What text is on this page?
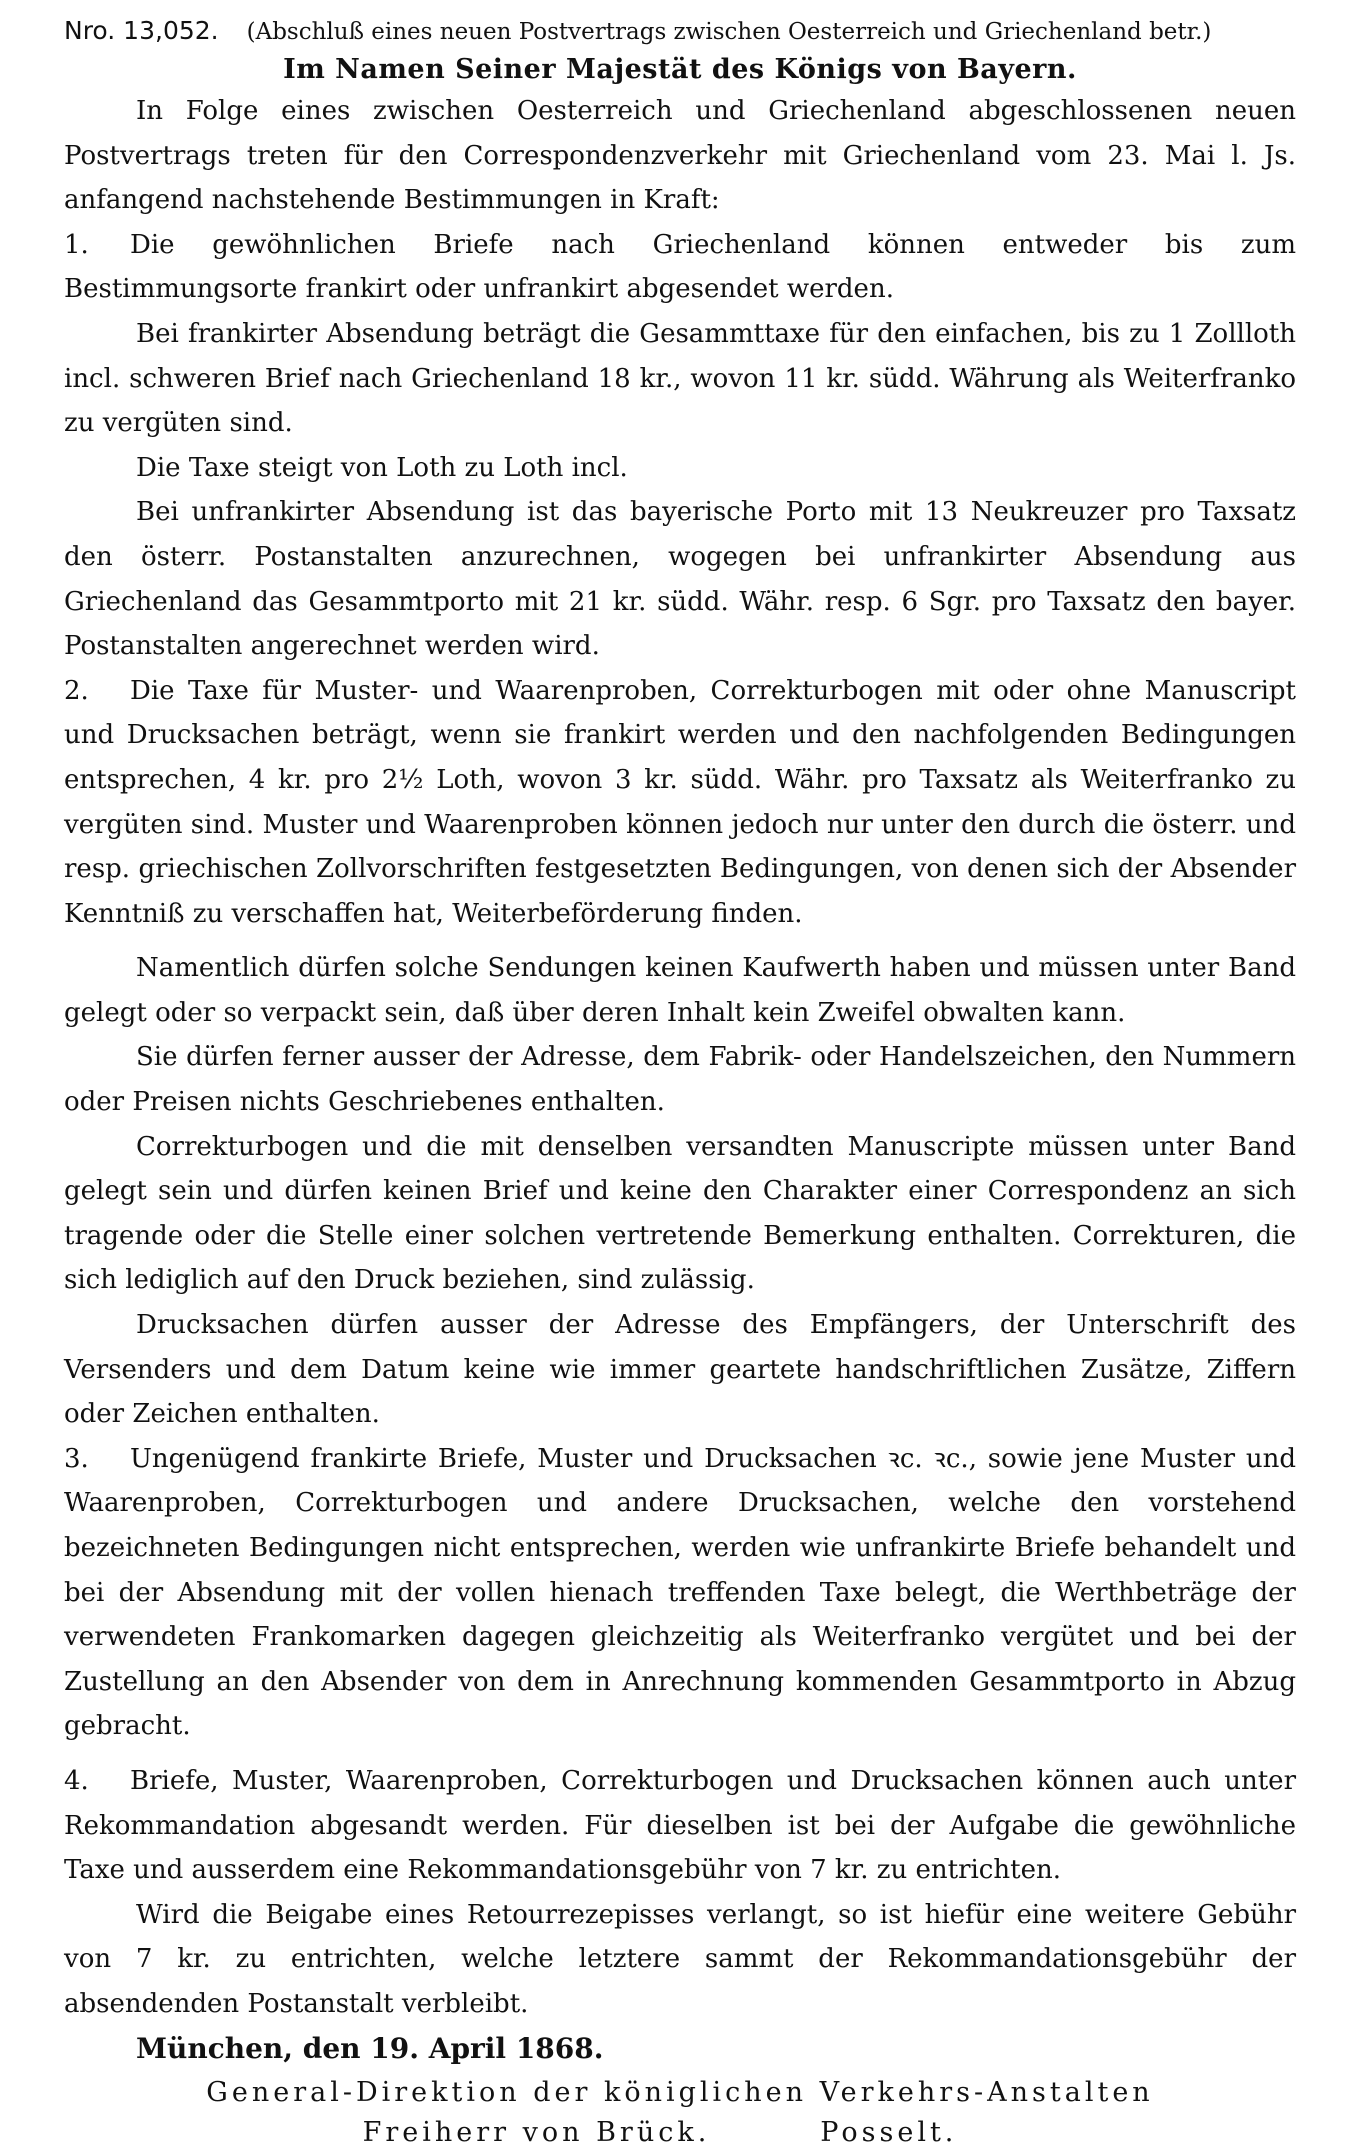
Nro. 13,052. (Abschluß eines neuen Postvertrags zwischen Oesterreich und Griechenland betr.)
Im Namen Seiner Majestät des Königs von Bayern.

In Folge eines zwischen Oesterreich und Griechenland abgeschlossenen neuen Postvertrags treten für den Correspondenzverkehr mit Griechenland vom 23. Mai l. Js. anfangend nachstehende Bestimmungen in Kraft:

1. Die gewöhnlichen Briefe nach Griechenland können entweder bis zum Bestimmungsorte frankirt oder unfrankirt abgesendet werden.

Bei frankirter Absendung beträgt die Gesammttaxe für den einfachen, bis zu 1 Zollloth incl. schweren Brief nach Griechenland 18 kr., wovon 11 kr. südd. Währung als Weiterfranko zu vergüten sind.

Die Taxe steigt von Loth zu Loth incl.

Bei unfrankirter Absendung ist das bayerische Porto mit 13 Neukreuzer pro Taxsatz den österr. Postanstalten anzurechnen, wogegen bei unfrankirter Absendung aus Griechenland das Gesammtporto mit 21 kr. südd. Währ. resp. 6 Sgr. pro Taxsatz den bayer. Postanstalten angerechnet werden wird.

2. Die Taxe für Muster- und Waarenproben, Correkturbogen mit oder ohne Manuscript und Drucksachen beträgt, wenn sie frankirt werden und den nachfolgenden Bedingungen entsprechen, 4 kr. pro 2½ Loth, wovon 3 kr. südd. Währ. pro Taxsatz als Weiterfranko zu vergüten sind. Muster und Waarenproben können jedoch nur unter den durch die österr. und resp. griechischen Zollvorschriften festgesetzten Bedingungen, von denen sich der Absender Kenntniß zu verschaffen hat, Weiterbeförderung finden.

Namentlich dürfen solche Sendungen keinen Kaufwerth haben und müssen unter Band gelegt oder so verpackt sein, daß über deren Inhalt kein Zweifel obwalten kann.

Sie dürfen ferner ausser der Adresse, dem Fabrik- oder Handelszeichen, den Nummern oder Preisen nichts Geschriebenes enthalten.

Correkturbogen und die mit denselben versandten Manuscripte müssen unter Band gelegt sein und dürfen keinen Brief und keine den Charakter einer Correspondenz an sich tragende oder die Stelle einer solchen vertretende Bemerkung enthalten. Correkturen, die sich lediglich auf den Druck beziehen, sind zulässig.

Drucksachen dürfen ausser der Adresse des Empfängers, der Unterschrift des Versenders und dem Datum keine wie immer geartete handschriftlichen Zusätze, Ziffern oder Zeichen enthalten.

3. Ungenügend frankirte Briefe, Muster und Drucksachen ꝛc. ꝛc., sowie jene Muster und Waarenproben, Correkturbogen und andere Drucksachen, welche den vorstehend bezeichneten Bedingungen nicht entsprechen, werden wie unfrankirte Briefe behandelt und bei der Absendung mit der vollen hienach treffenden Taxe belegt, die Werthbeträge der verwendeten Frankomarken dagegen gleichzeitig als Weiterfranko vergütet und bei der Zustellung an den Absender von dem in Anrechnung kommenden Gesammtporto in Abzug gebracht.

4. Briefe, Muster, Waarenproben, Correkturbogen und Drucksachen können auch unter Rekommandation abgesandt werden. Für dieselben ist bei der Aufgabe die gewöhnliche Taxe und ausserdem eine Rekommandationsgebühr von 7 kr. zu entrichten.

Wird die Beigabe eines Retourrezepisses verlangt, so ist hiefür eine weitere Gebühr von 7 kr. zu entrichten, welche letztere sammt der Rekommandationsgebühr der absendenden Postanstalt verbleibt.

München, den 19. April 1868.
General-Direktion der königlichen Verkehrs-Anstalten
Freiherr von Brück.	Posselt.
